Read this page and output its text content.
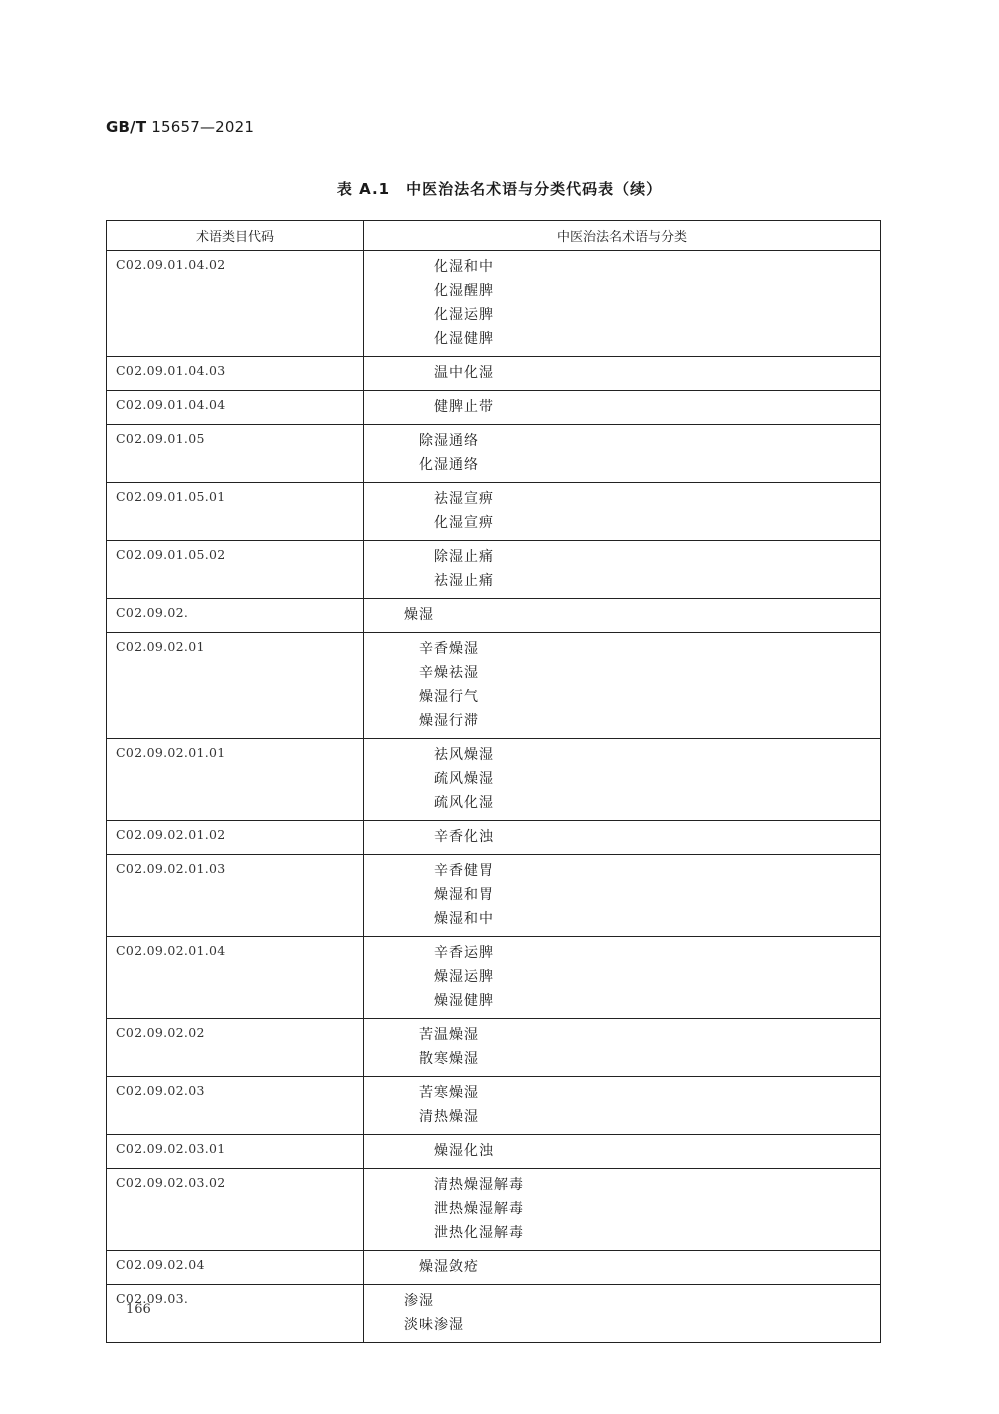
GB/T 15657—2021
表 A.1　中医治法名术语与分类代码表（续）
术语类目代码	中医治法名术语与分类
C02.09.01.04.02	化湿和中
化湿醒脾
化湿运脾
化湿健脾

C02.09.01.04.03	温中化湿

C02.09.01.04.04	健脾止带

C02.09.01.05	除湿通络
化湿通络

C02.09.01.05.01	祛湿宣痹
化湿宣痹

C02.09.01.05.02	除湿止痛
祛湿止痛

C02.09.02.	燥湿

C02.09.02.01	辛香燥湿
辛燥祛湿
燥湿行气
燥湿行滞

C02.09.02.01.01	祛风燥湿
疏风燥湿
疏风化湿

C02.09.02.01.02	辛香化浊

C02.09.02.01.03	辛香健胃
燥湿和胃
燥湿和中

C02.09.02.01.04	辛香运脾
燥湿运脾
燥湿健脾

C02.09.02.02	苦温燥湿
散寒燥湿

C02.09.02.03	苦寒燥湿
清热燥湿

C02.09.02.03.01	燥湿化浊

C02.09.02.03.02	清热燥湿解毒
泄热燥湿解毒
泄热化湿解毒

C02.09.02.04	燥湿敛疮

C02.09.03.	渗湿
淡味渗湿
166
